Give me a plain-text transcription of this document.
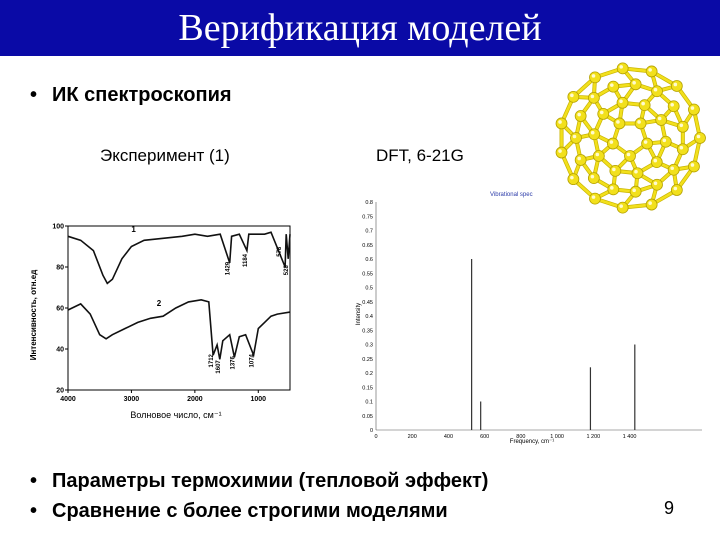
Верификация моделей
• ИК спектроскопия
Эксперимент (1)	DFT, 6-21G
Интенсивность, отн.ед
Волновое число, см⁻¹
4000	3000	2000	1000
20
40
60
80
100	1
2
1429
1184
578
528
1712 1607 1376 1074
Vibrational spec
Intensity
Frequency, cm⁻¹
0
0.05
0.1
0.15
0.2
0.25
0.3
0.35
0.4
0.45
0.5
0.55
0.6
0.65
0.7
0.75
0.8
0	200	400	600	800	1 000	1 200	1 400
• Параметры термохимии (тепловой эффект)
• Сравнение с более строгими моделями	9
